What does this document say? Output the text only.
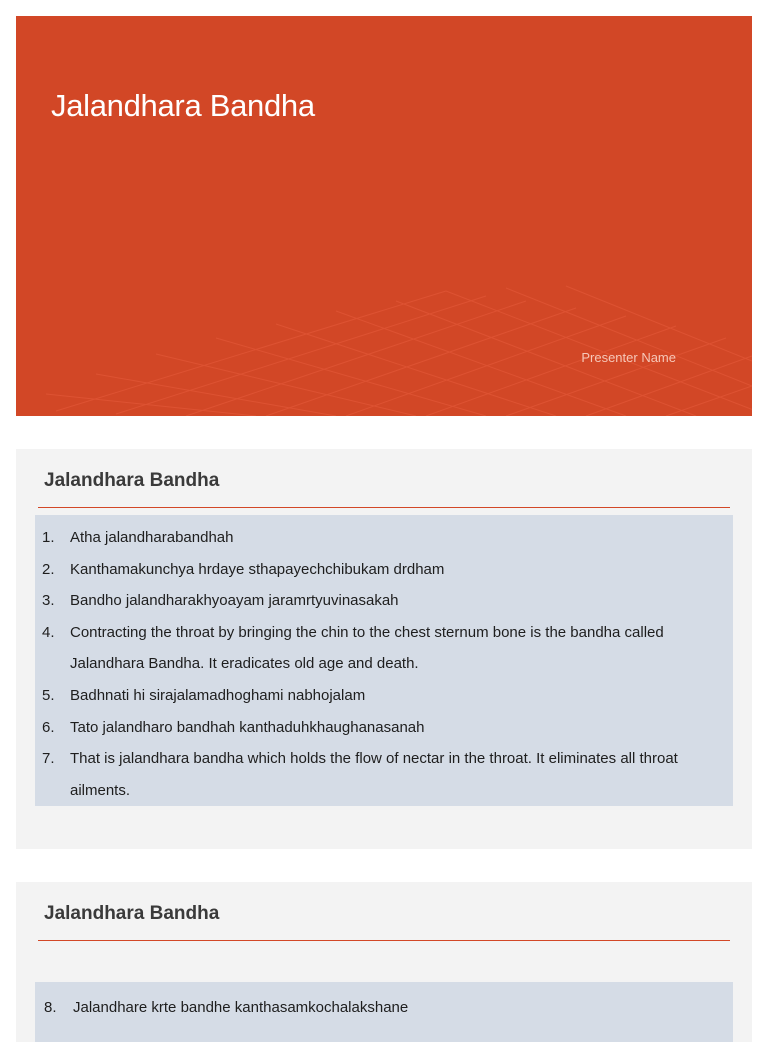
Jalandhara Bandha
Presenter Name
Jalandhara Bandha
1.	Atha jalandharabandhah
2.	Kanthamakunchya hrdaye sthapayechchibukam drdham
3.	Bandho jalandharakhyoayam jaramrtyuvinasakah
4.	Contracting the throat by bringing the chin to the chest sternum bone is the bandha called Jalandhara Bandha. It eradicates old age and death.
5.	Badhnati hi sirajalamadhoghami nabhojalam
6.	Tato jalandharo bandhah kanthaduhkhaughanasanah
7.	That is jalandhara bandha which holds the flow of nectar in the throat. It eliminates all throat ailments.
Jalandhara Bandha
8.	Jalandhare krte bandhe kanthasamkochalakshane
